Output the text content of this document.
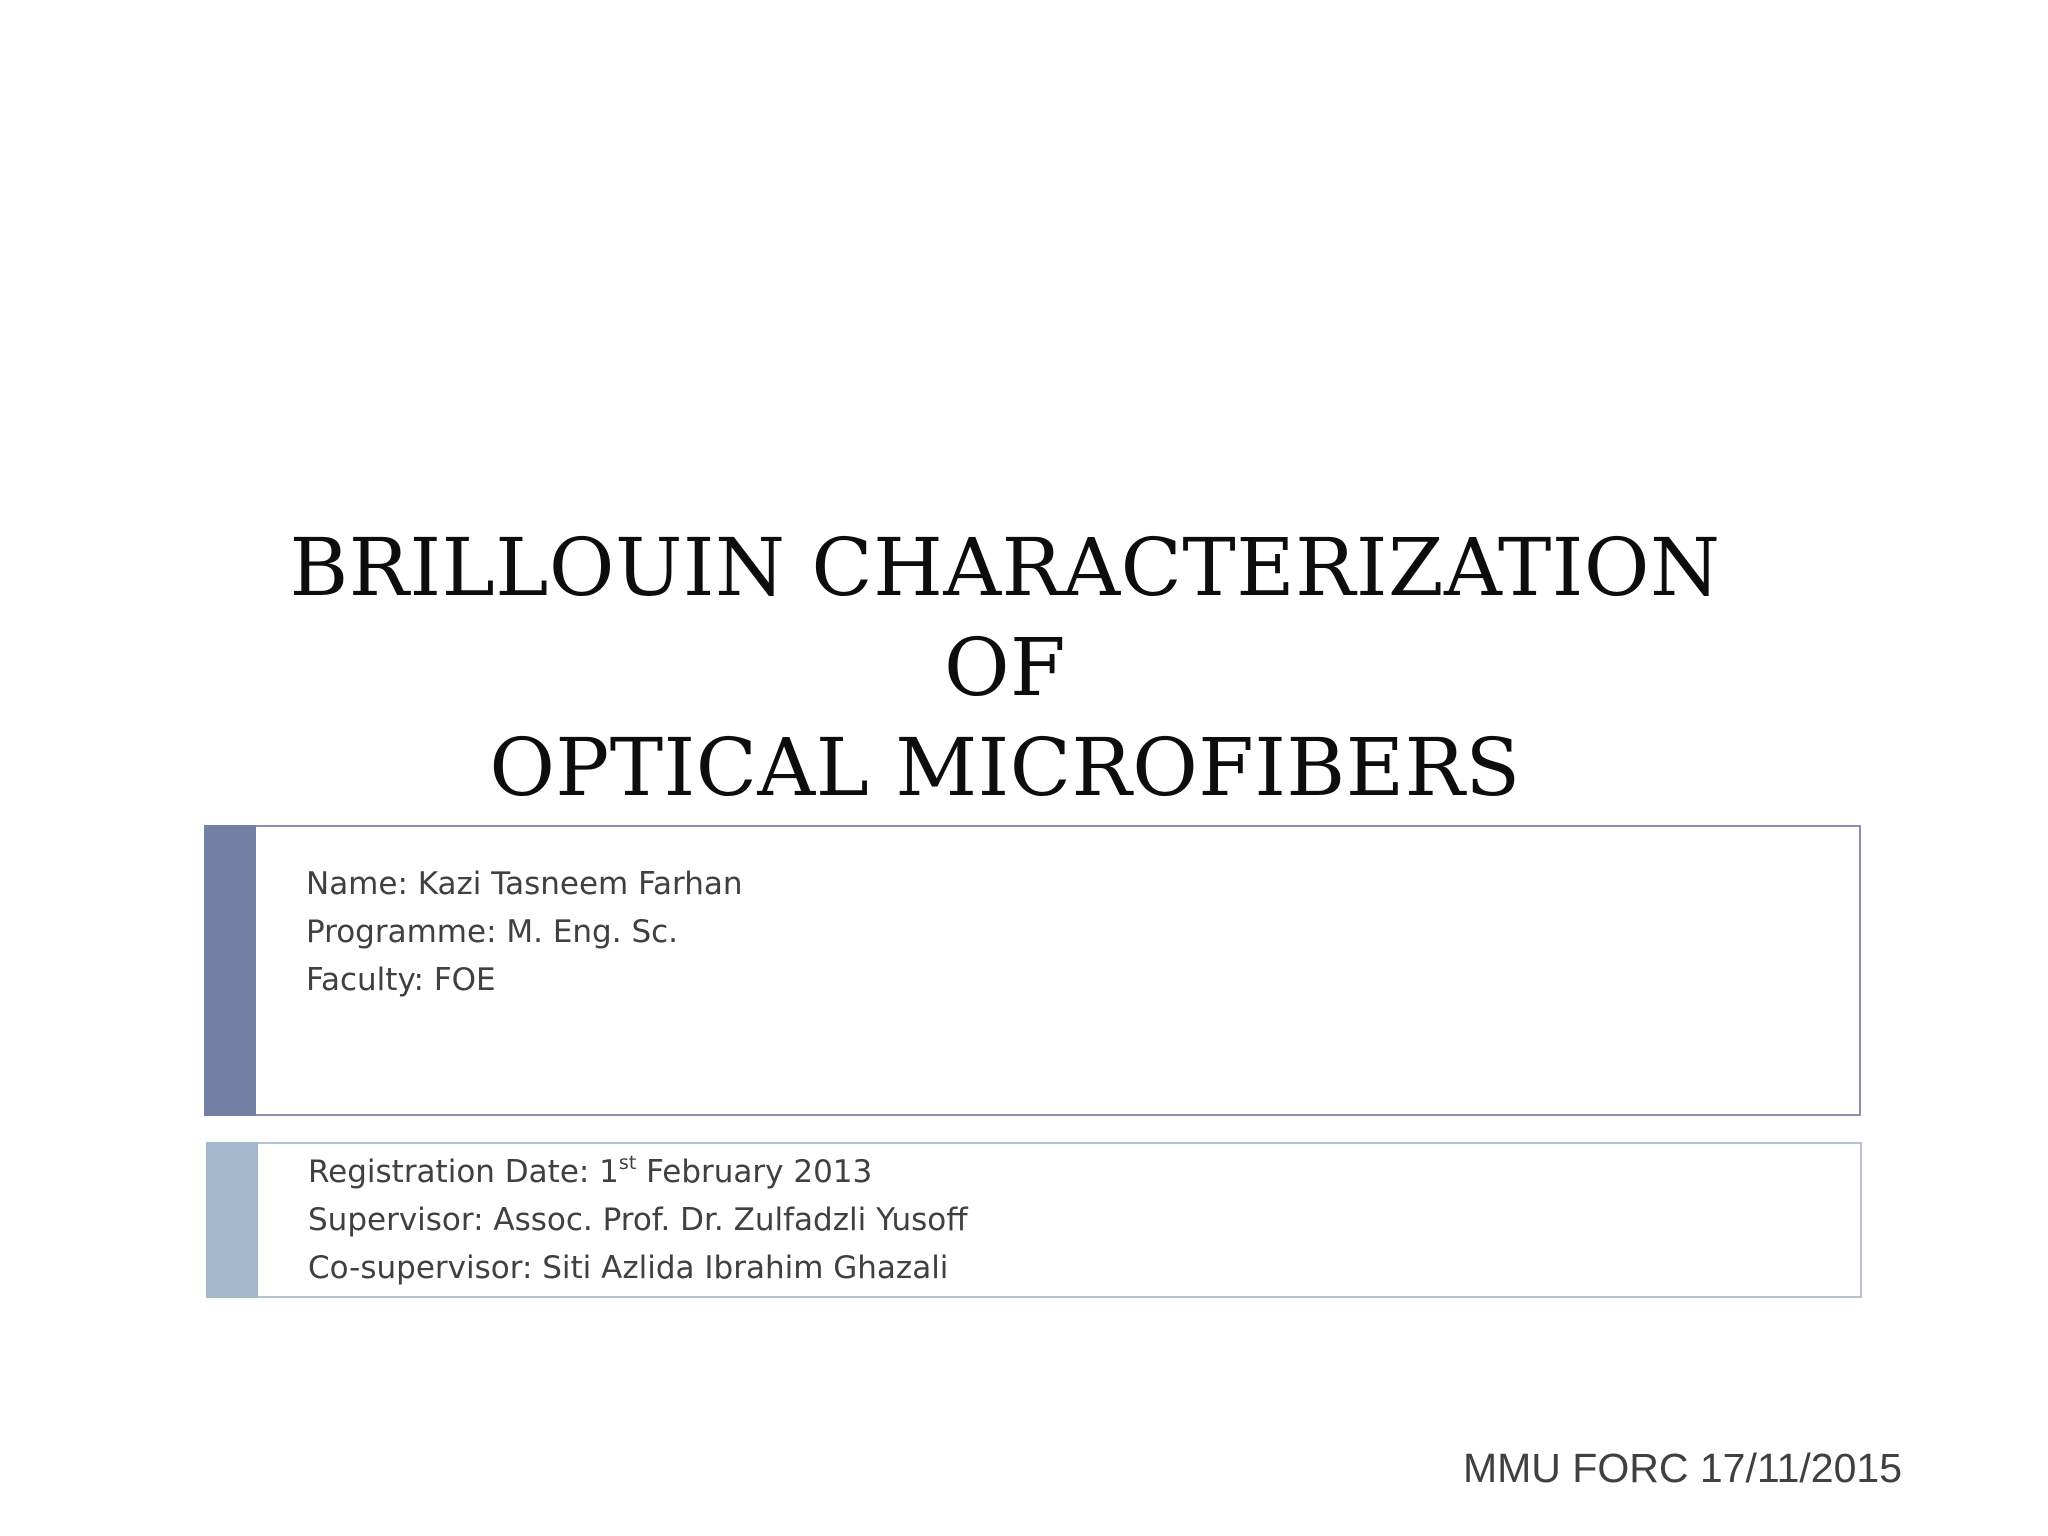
BRILLOUIN CHARACTERIZATION
OF
OPTICAL MICROFIBERS
Name: Kazi Tasneem Farhan
Programme: M. Eng. Sc.
Faculty: FOE
Registration Date: 1st February 2013
Supervisor: Assoc. Prof. Dr. Zulfadzli Yusoff
Co-supervisor: Siti Azlida Ibrahim Ghazali
MMU FORC 17/11/2015
